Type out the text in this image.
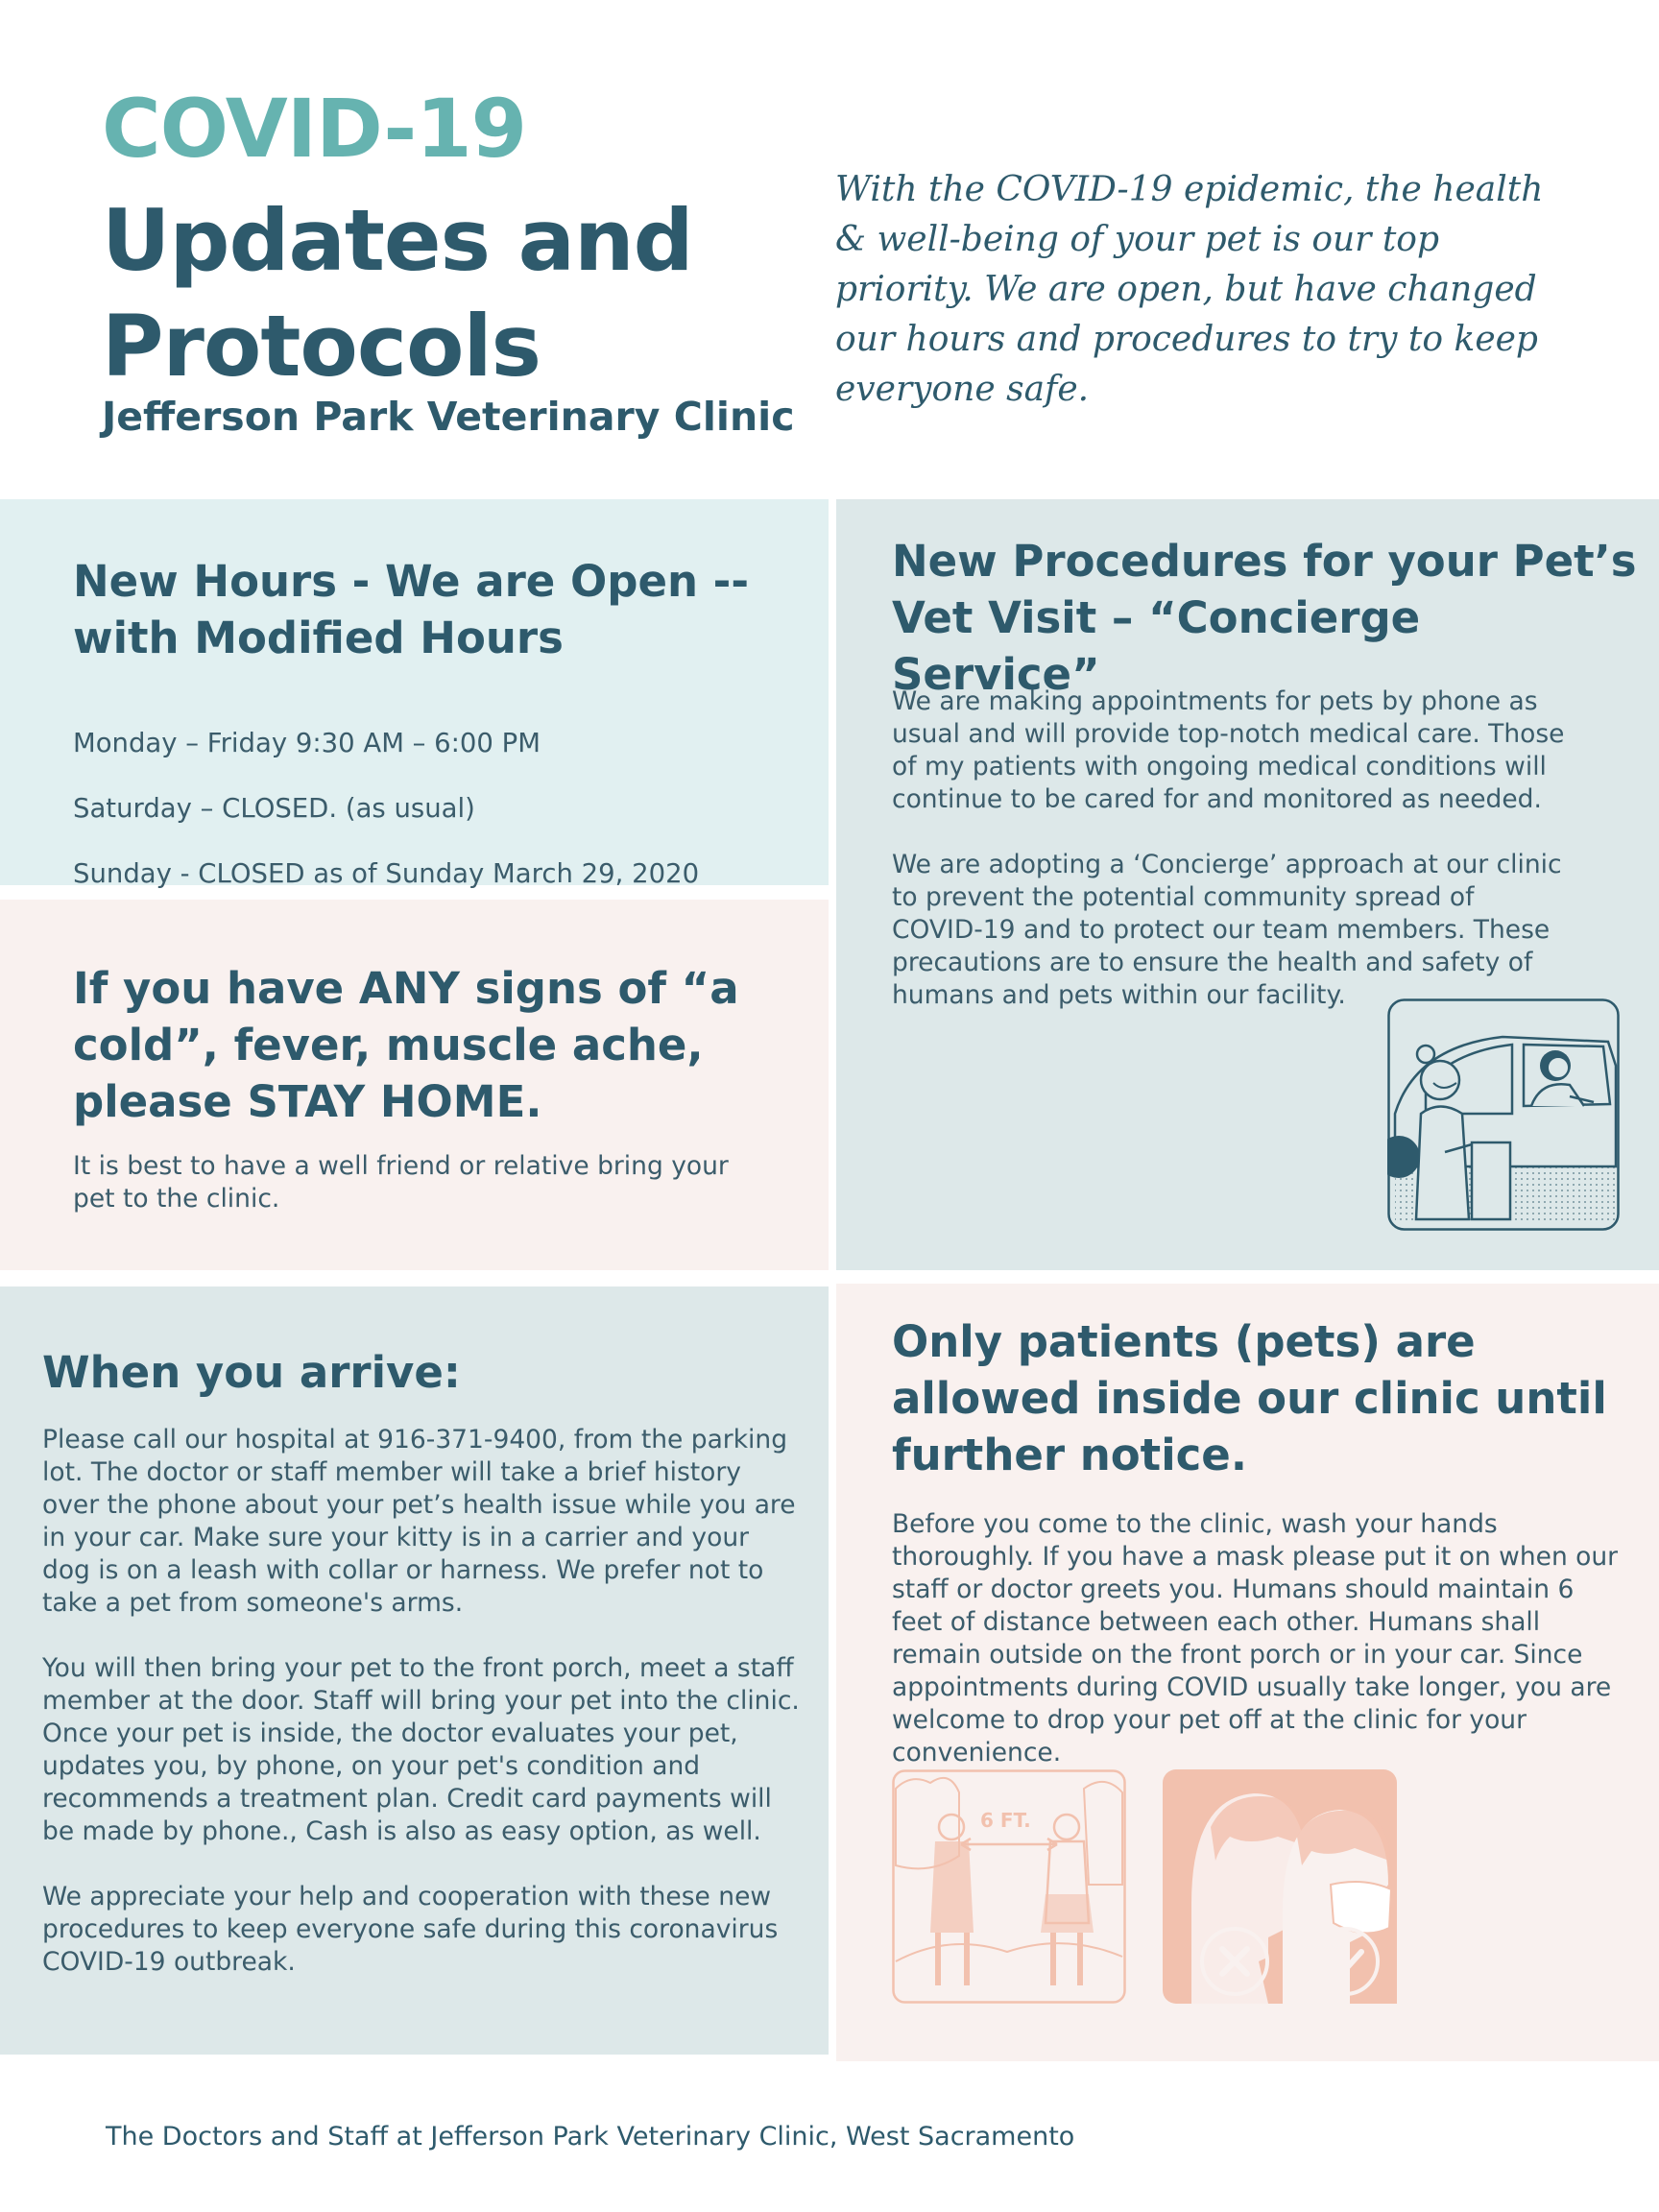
COVID-19
Updates and
Protocols
Jefferson Park Veterinary Clinic
With the COVID-19 epidemic, the health & well-being of your pet is our top priority. We are open, but have changed our hours and procedures to try to keep everyone safe.
New Hours - We are Open -- with Modified Hours

Monday – Friday 9:30 AM – 6:00 PM

Saturday – CLOSED. (as usual)

Sunday - CLOSED as of Sunday March 29, 2020

If you have ANY signs of “a cold”, fever, muscle ache, please STAY HOME.
It is best to have a well friend or relative bring your
pet to the clinic.
When you arrive:
Please call our hospital at 916-371-9400, from the parking
lot. The doctor or staff member will take a brief history
over the phone about your pet’s health issue while you are
in your car. Make sure your kitty is in a carrier and your
dog is on a leash with collar or harness. We prefer not to
take a pet from someone's arms.
You will then bring your pet to the front porch, meet a staff
member at the door. Staff will bring your pet into the clinic.
Once your pet is inside, the doctor evaluates your pet,
updates you, by phone, on your pet's condition and
recommends a treatment plan. Credit card payments will
be made by phone., Cash is also as easy option, as well.
We appreciate your help and cooperation with these new
procedures to keep everyone safe during this coronavirus
COVID-19 outbreak.
New Procedures for your Pet’s Vet Visit – “Concierge Service”
We are making appointments for pets by phone as
usual and will provide top-notch medical care. Those
of my patients with ongoing medical conditions will
continue to be cared for and monitored as needed.
We are adopting a ‘Concierge’ approach at our clinic
to prevent the potential community spread of
COVID-19 and to protect our team members. These
precautions are to ensure the health and safety of
humans and pets within our facility.
Only patients (pets) are allowed inside our clinic until further notice.
Before you come to the clinic, wash your hands
thoroughly. If you have a mask please put it on when our
staff or doctor greets you. Humans should maintain 6
feet of distance between each other. Humans shall
remain outside on the front porch or in your car. Since
appointments during COVID usually take longer, you are
welcome to drop your pet off at the clinic for your
convenience.
6 FT.
The Doctors and Staff at Jefferson Park Veterinary Clinic, West Sacramento
